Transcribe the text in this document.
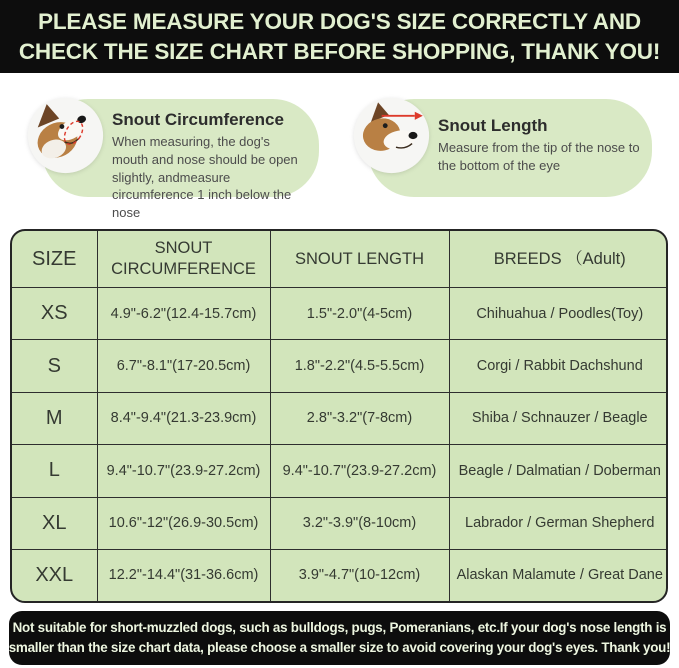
PLEASE MEASURE YOUR DOG'S SIZE CORRECTLY AND
CHECK THE SIZE CHART BEFORE SHOPPING, THANK YOU!
Snout Circumference
When measuring, the dog's mouth and nose should be open slightly, andmeasure circumference 1 inch below the nose
Snout Length
Measure from the tip of the nose to the bottom of the eye
SIZE	SNOUT CIRCUMFERENCE	SNOUT LENGTH	BREEDS （Adult)
XS	4.9"-6.2"(12.4-15.7cm)	1.5"-2.0"(4-5cm)	Chihuahua / Poodles(Toy)
S	6.7"-8.1"(17-20.5cm)	1.8"-2.2"(4.5-5.5cm)	Corgi / Rabbit Dachshund
M	8.4"-9.4"(21.3-23.9cm)	2.8"-3.2"(7-8cm)	Shiba / Schnauzer / Beagle
L	9.4"-10.7"(23.9-27.2cm)	9.4"-10.7"(23.9-27.2cm)	Beagle / Dalmatian / Doberman
XL	10.6"-12"(26.9-30.5cm)	3.2"-3.9"(8-10cm)	Labrador / German Shepherd
XXL	12.2"-14.4"(31-36.6cm)	3.9"-4.7"(10-12cm)	Alaskan Malamute / Great Dane
Not suitable for short-muzzled dogs, such as bulldogs, pugs, Pomeranians, etc.If your dog's nose length is
smaller than the size chart data, please choose a smaller size to avoid covering your dog's eyes. Thank you!
